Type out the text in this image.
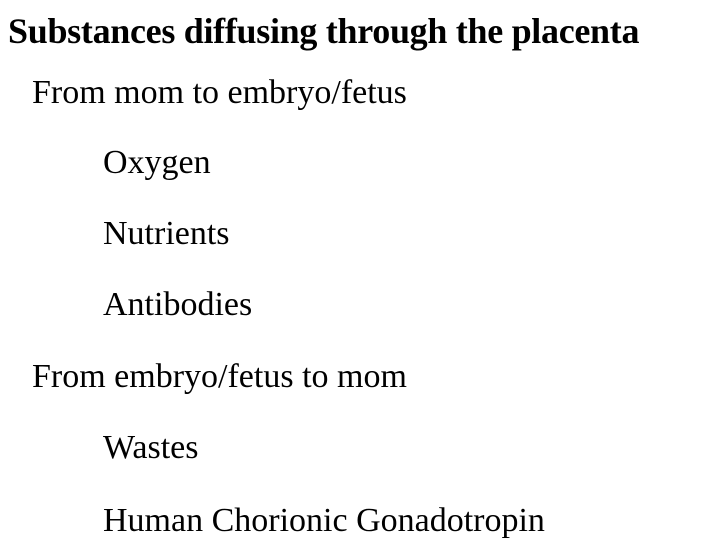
Substances diffusing through the placenta
From mom to embryo/fetus
Oxygen
Nutrients
Antibodies
From embryo/fetus to mom
Wastes
Human Chorionic Gonadotropin
